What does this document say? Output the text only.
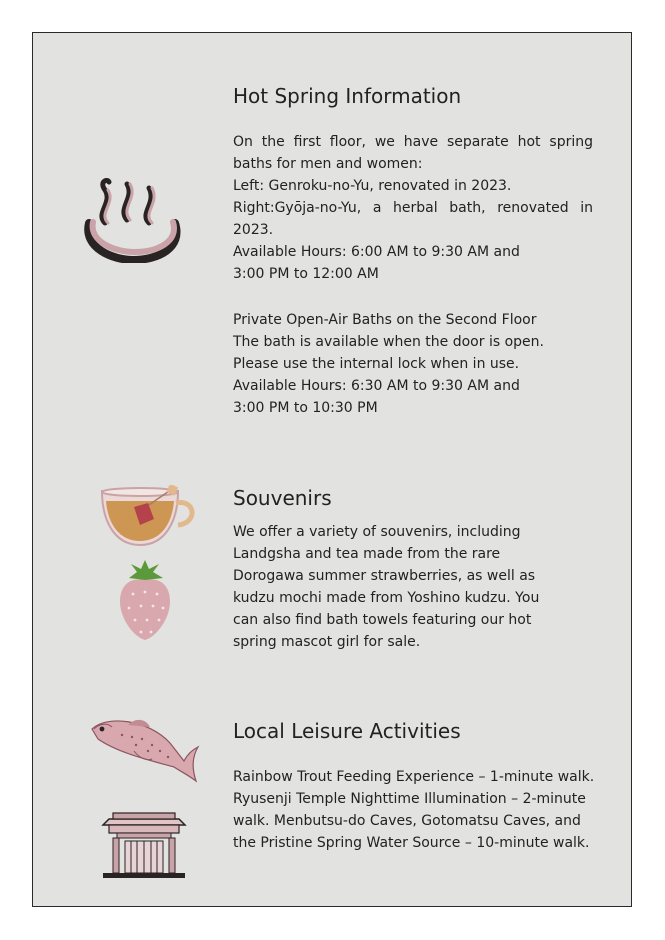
Hot Spring Information

On the first floor, we have separate hot spring baths for men and women:

Left: Genroku-no-Yu, renovated in 2023.

Right:Gyōja-no-Yu, a herbal bath, renovated in 2023.

Available Hours: 6:00 AM to 9:30 AM and
3:00 PM to 12:00 AM

Private Open-Air Baths on the Second Floor

The bath is available when the door is open.

Please use the internal lock when in use.

Available Hours: 6:30 AM to 9:30 AM and
3:00 PM to 10:30 PM

Souvenirs

We offer a variety of souvenirs, including Landgsha and tea made from the rare Dorogawa summer strawberries, as well as kudzu mochi made from Yoshino kudzu. You can also find bath towels featuring our hot spring mascot girl for sale.

Local Leisure Activities

Rainbow Trout Feeding Experience – 1-minute walk. Ryusenji Temple Nighttime Illumination – 2-minute walk. Menbutsu-do Caves, Gotomatsu Caves, and the Pristine Spring Water Source – 10-minute walk.
